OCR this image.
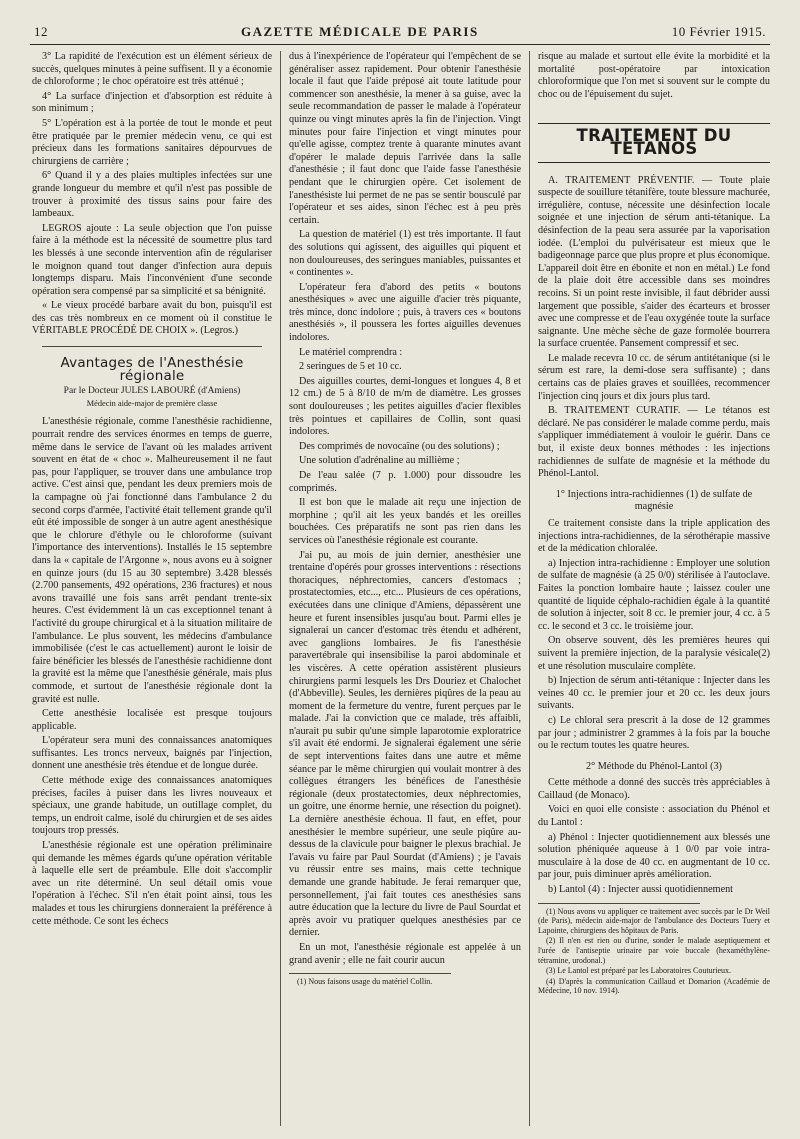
12	GAZETTE MÉDICALE DE PARIS	10 Février 1915.

3° La rapidité de l'exécution est un élément sérieux de succès, quelques minutes à peine suffisent. Il y a économie de chloroforme ; le choc opératoire est très atténué ;

4° La surface d'injection et d'absorption est réduite à son minimum ;

5° L'opération est à la portée de tout le monde et peut être pratiquée par le premier médecin venu, ce qui est précieux dans les formations sanitaires dépourvues de chirurgiens de carrière ;

6° Quand il y a des plaies multiples infectées sur une grande longueur du membre et qu'il n'est pas possible de trouver à proximité des tissus sains pour faire des lambeaux.

LEGROS ajoute : La seule objection que l'on puisse faire à la méthode est la nécessité de soumettre plus tard les blessés à une seconde intervention afin de régulariser le moignon quand tout danger d'infection aura depuis longtemps disparu. Mais l'inconvénient d'une seconde opération sera compensé par sa simplicité et sa bénignité.

« Le vieux procédé barbare avait du bon, puisqu'il est des cas très nombreux en ce moment où il constitue le VÉRITABLE PROCÉDÉ DE CHOIX ». (Legros.)

Avantages de l'Anesthésie régionale
Par le Docteur JULES LABOURÉ (d'Amiens)
Médecin aide-major de première classe

L'anesthésie régionale, comme l'anesthésie rachidienne, pourrait rendre des services énormes en temps de guerre, même dans le service de l'avant où les malades arrivent souvent en état de « choc ». Malheureusement il ne faut pas, pour l'appliquer, se trouver dans une ambulance trop active. C'est ainsi que, pendant les deux premiers mois de la campagne où j'ai fonctionné dans l'ambulance 2 du second corps d'armée, l'activité était tellement grande qu'il eût été impossible de songer à un autre agent anesthésique que le chlorure d'éthyle ou le chloroforme (suivant l'importance des interventions). Installés le 15 septembre dans la « capitale de l'Argonne », nous avons eu à soigner en quinze jours (du 15 au 30 septembre) 3.428 blessés (2.700 pansements, 492 opérations, 236 fractures) et nous avons travaillé une fois sans arrêt pendant trente-six heures. C'est évidemment là un cas exceptionnel tenant à l'activité du groupe chirurgical et à la situation militaire de l'ambulance. Le plus souvent, les médecins d'ambulance immobilisée (c'est le cas actuellement) auront le loisir de faire bénéficier les blessés de l'anesthésie rachidienne dont la gravité est la même que l'anesthésie générale, mais plus commode, et surtout de l'anesthésie régionale dont la gravité est nulle.

Cette anesthésie localisée est presque toujours applicable.

L'opérateur sera muni des connaissances anatomiques suffisantes. Les troncs nerveux, baignés par l'injection, donnent une anesthésie très étendue et de longue durée.

Cette méthode exige des connaissances anatomiques précises, faciles à puiser dans les livres nouveaux et spéciaux, une grande habitude, un outillage complet, du temps, un endroit calme, isolé du chirurgien et de ses aides toujours trop pressés.

L'anesthésie régionale est une opération préliminaire qui demande les mêmes égards qu'une opération véritable à laquelle elle sert de préambule. Elle doit s'accomplir avec un rite déterminé. Un seul détail omis voue l'opération à l'échec. S'il n'en était point ainsi, tous les malades et tous les chirurgiens donneraient la préférence à cette méthode. Ce sont les échecs

dus à l'inexpérience de l'opérateur qui l'empêchent de se généraliser assez rapidement. Pour obtenir l'anesthésie locale il faut que l'aide préposé ait toute latitude pour commencer son anesthésie, la mener à sa guise, avec la seule recommandation de passer le malade à l'opérateur quinze ou vingt minutes après la fin de l'injection. Vingt minutes pour faire l'injection et vingt minutes pour qu'elle agisse, comptez trente à quarante minutes avant d'opérer le malade depuis l'arrivée dans la salle d'anesthésie ; il faut donc que l'aide fasse l'anesthésie pendant que le chirurgien opère. Cet isolement de l'anesthésiste lui permet de ne pas se sentir bousculé par l'opérateur et ses aides, sinon l'échec est à peu près certain.

La question de matériel (1) est très importante. Il faut des solutions qui agissent, des aiguilles qui piquent et non douloureuses, des seringues maniables, puissantes et « continentes ».

L'opérateur fera d'abord des petits « boutons anesthésiques » avec une aiguille d'acier très piquante, très mince, donc indolore ; puis, à travers ces « boutons anesthésiés », il poussera les fortes aiguilles devenues indolores.

Le matériel comprendra :

2 seringues de 5 et 10 cc.

Des aiguilles courtes, demi-longues et longues 4, 8 et 12 cm.) de 5 à 8/10 de m/m de diamètre. Les grosses sont douloureuses ; les petites aiguilles d'acier flexibles très pointues et capillaires de Collin, sont quasi indolores.

Des comprimés de novocaïne (ou des solutions) ;

Une solution d'adrénaline au millième ;

De l'eau salée (7 p. 1.000) pour dissoudre les comprimés.

Il est bon que le malade ait reçu une injection de morphine ; qu'il ait les yeux bandés et les oreilles bouchées. Ces préparatifs ne sont pas rien dans les services où l'anesthésie régionale est courante.

J'ai pu, au mois de juin dernier, anesthésier une trentaine d'opérés pour grosses interventions : résections thoraciques, néphrectomies, cancers d'estomacs ; prostatectomies, etc..., etc... Plusieurs de ces opérations, exécutées dans une clinique d'Amiens, dépassèrent une heure et furent insensibles jusqu'au bout. Parmi elles je signalerai un cancer d'estomac très étendu et adhérent, avec ganglions lombaires. Je fis l'anesthésie paravertébrale qui insensibilise la paroi abdominale et les viscères. A cette opération assistèrent plusieurs chirurgiens parmi lesquels les Drs Douriez et Chalochet (d'Abbeville). Seules, les dernières piqûres de la peau au moment de la fermeture du ventre, furent perçues par le malade. J'ai la conviction que ce malade, très affaibli, n'aurait pu subir qu'une simple laparotomie exploratrice s'il avait été endormi. Je signalerai également une série de sept interventions faites dans une autre et même séance par le même chirurgien qui voulait montrer à des collègues étrangers les bénéfices de l'anesthésie régionale (deux prostatectomies, deux néphrectomies, un goitre, une énorme hernie, une résection du poignet). La dernière anesthésie échoua. Il faut, en effet, pour anesthésier le membre supérieur, une seule piqûre au-dessus de la clavicule pour baigner le plexus brachial. Je l'avais vu faire par Paul Sourdat (d'Amiens) ; je l'avais vu réussir entre ses mains, mais cette technique demande une grande habitude. Je ferai remarquer que, personnellement, j'ai fait toutes ces anesthésies sans autre éducation que la lecture du livre de Paul Sourdat et après avoir vu pratiquer quelques anesthésies par ce dernier.

En un mot, l'anesthésie régionale est appelée à un grand avenir ; elle ne fait courir aucun

(1) Nous faisons usage du matériel Collin.

risque au malade et surtout elle évite la morbidité et la mortalité post-opératoire par intoxication chloroformique que l'on met si souvent sur le compte du choc ou de l'épuisement du sujet.

TRAITEMENT DU TETANOS

A. TRAITEMENT PRÉVENTIF. — Toute plaie suspecte de souillure tétanifère, toute blessure machurée, irrégulière, contuse, nécessite une désinfection locale soignée et une injection de sérum anti-tétanique. La désinfection de la peau sera assurée par la vaporisation iodée. (L'emploi du pulvérisateur est mieux que le badigeonnage parce que plus propre et plus économique. L'appareil doit être en ébonite et non en métal.) Le fond de la plaie doit être accessible dans ses moindres recoins. Si un point reste invisible, il faut débrider aussi largement que possible, s'aider des écarteurs et brosser avec une compresse et de l'eau oxygénée toute la surface saignante. Une mèche sèche de gaze formolée bourrera la surface cruentée. Pansement compressif et sec.

Le malade recevra 10 cc. de sérum antitétanique (si le sérum est rare, la demi-dose sera suffisante) ; dans certains cas de plaies graves et souillées, recommencer l'injection cinq jours et dix jours plus tard.

B. TRAITEMENT CURATIF. — Le tétanos est déclaré. Ne pas considérer le malade comme perdu, mais s'appliquer immédiatement à vouloir le guérir. Dans ce but, il existe deux bonnes méthodes : les injections rachidiennes de sulfate de magnésie et la méthode du Phénol-Lantol.

1° Injections intra-rachidiennes (1) de sulfate de magnésie

Ce traitement consiste dans la triple application des injections intra-rachidiennes, de la sérothérapie massive et de la médication chloralée.

a) Injection intra-rachidienne : Employer une solution de sulfate de magnésie (à 25 0/0) stérilisée à l'autoclave. Faites la ponction lombaire haute ; laissez couler une quantité de liquide céphalo-rachidien égale à la quantité de solution à injecter, soit 8 cc. le premier jour, 4 cc. à 5 cc. le second et 3 cc. le troisième jour.

On observe souvent, dès les premières heures qui suivent la première injection, de la paralysie vésicale(2) et une résolution musculaire complète.

b) Injection de sérum anti-tétanique : Injecter dans les veines 40 cc. le premier jour et 20 cc. les deux jours suivants.

c) Le chloral sera prescrit à la dose de 12 grammes par jour ; administrer 2 grammes à la fois par la bouche ou le rectum toutes les quatre heures.

2° Méthode du Phénol-Lantol (3)

Cette méthode a donné des succès très appréciables à Caillaud (de Monaco).

Voici en quoi elle consiste : association du Phénol et du Lantol :

a) Phénol : Injecter quotidiennement aux blessés une solution phéniquée aqueuse à 1 0/0 par voie intra-musculaire à la dose de 40 cc. en augmentant de 10 cc. par jour, puis diminuer après amélioration.

b) Lantol (4) : Injecter aussi quotidiennement

(1) Nous avons vu appliquer ce traitement avec succès par le Dr Weil (de Paris), médecin aide-major de l'ambulance des Docteurs Tuery et Lapointe, chirurgiens des hôpitaux de Paris.

(2) Il n'en est rien ou d'urine, sonder le malade aseptiquement et l'urée de l'antiseptie urinaire par voie buccale (hexaméthylène-tétramine, urodonal.)

(3) Le Lantol est préparé par les Laboratoires Couturieux.

(4) D'après la communication Caillaud et Domarion (Académie de Médecine, 10 nov. 1914).
